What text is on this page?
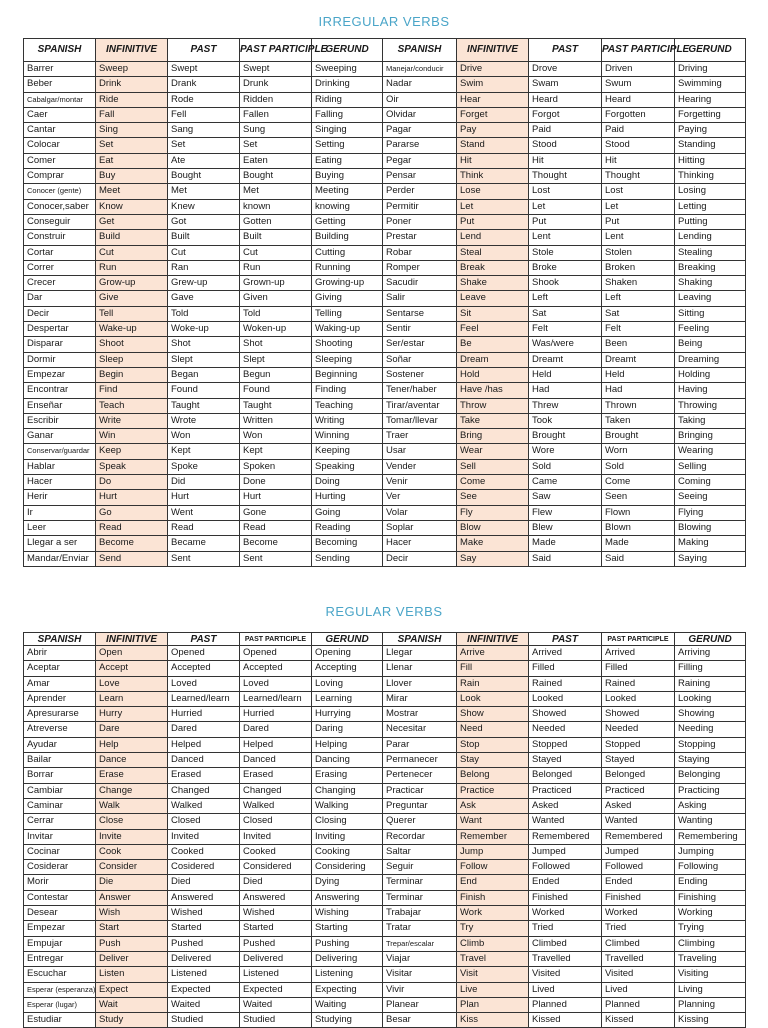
IRREGULAR VERBS
SPANISH	INFINITIVE	PAST	PAST PARTICIPLE	GERUND	SPANISH	INFINITIVE	PAST	PAST PARTICIPLE	GERUND
Barrer	Sweep	Swept	Swept	Sweeping	Manejar/conducir	Drive	Drove	Driven	Driving
Beber	Drink	Drank	Drunk	Drinking	Nadar	Swim	Swam	Swum	Swimming
Cabalgar/montar	Ride	Rode	Ridden	Riding	Oir	Hear	Heard	Heard	Hearing
Caer	Fall	Fell	Fallen	Falling	Olvidar	Forget	Forgot	Forgotten	Forgetting
Cantar	Sing	Sang	Sung	Singing	Pagar	Pay	Paid	Paid	Paying
Colocar	Set	Set	Set	Setting	Pararse	Stand	Stood	Stood	Standing
Comer	Eat	Ate	Eaten	Eating	Pegar	Hit	Hit	Hit	Hitting
Comprar	Buy	Bought	Bought	Buying	Pensar	Think	Thought	Thought	Thinking
Conocer (gente)	Meet	Met	Met	Meeting	Perder	Lose	Lost	Lost	Losing
Conocer,saber	Know	Knew	known	knowing	Permitir	Let	Let	Let	Letting
Conseguir	Get	Got	Gotten	Getting	Poner	Put	Put	Put	Putting
Construir	Build	Built	Built	Building	Prestar	Lend	Lent	Lent	Lending
Cortar	Cut	Cut	Cut	Cutting	Robar	Steal	Stole	Stolen	Stealing
Correr	Run	Ran	Run	Running	Romper	Break	Broke	Broken	Breaking
Crecer	Grow-up	Grew-up	Grown-up	Growing-up	Sacudir	Shake	Shook	Shaken	Shaking
Dar	Give	Gave	Given	Giving	Salir	Leave	Left	Left	Leaving
Decir	Tell	Told	Told	Telling	Sentarse	Sit	Sat	Sat	Sitting
Despertar	Wake-up	Woke-up	Woken-up	Waking-up	Sentir	Feel	Felt	Felt	Feeling
Disparar	Shoot	Shot	Shot	Shooting	Ser/estar	Be	Was/were	Been	Being
Dormir	Sleep	Slept	Slept	Sleeping	Soñar	Dream	Dreamt	Dreamt	Dreaming
Empezar	Begin	Began	Begun	Beginning	Sostener	Hold	Held	Held	Holding
Encontrar	Find	Found	Found	Finding	Tener/haber	Have /has	Had	Had	Having
Enseñar	Teach	Taught	Taught	Teaching	Tirar/aventar	Throw	Threw	Thrown	Throwing
Escribir	Write	Wrote	Written	Writing	Tomar/llevar	Take	Took	Taken	Taking
Ganar	Win	Won	Won	Winning	Traer	Bring	Brought	Brought	Bringing
Conservar/guardar	Keep	Kept	Kept	Keeping	Usar	Wear	Wore	Worn	Wearing
Hablar	Speak	Spoke	Spoken	Speaking	Vender	Sell	Sold	Sold	Selling
Hacer	Do	Did	Done	Doing	Venir	Come	Came	Come	Coming
Herir	Hurt	Hurt	Hurt	Hurting	Ver	See	Saw	Seen	Seeing
Ir	Go	Went	Gone	Going	Volar	Fly	Flew	Flown	Flying
Leer	Read	Read	Read	Reading	Soplar	Blow	Blew	Blown	Blowing
Llegar a ser	Become	Became	Become	Becoming	Hacer	Make	Made	Made	Making
Mandar/Enviar	Send	Sent	Sent	Sending	Decir	Say	Said	Said	Saying
REGULAR VERBS
SPANISH	INFINITIVE	PAST	PAST PARTICIPLE	GERUND	SPANISH	INFINITIVE	PAST	PAST PARTICIPLE	GERUND
Abrir	Open	Opened	Opened	Opening	Llegar	Arrive	Arrived	Arrived	Arriving
Aceptar	Accept	Accepted	Accepted	Accepting	Llenar	Fill	Filled	Filled	Filling
Amar	Love	Loved	Loved	Loving	Llover	Rain	Rained	Rained	Raining
Aprender	Learn	Learned/learn	Learned/learn	Learning	Mirar	Look	Looked	Looked	Looking
Apresurarse	Hurry	Hurried	Hurried	Hurrying	Mostrar	Show	Showed	Showed	Showing
Atreverse	Dare	Dared	Dared	Daring	Necesitar	Need	Needed	Needed	Needing
Ayudar	Help	Helped	Helped	Helping	Parar	Stop	Stopped	Stopped	Stopping
Bailar	Dance	Danced	Danced	Dancing	Permanecer	Stay	Stayed	Stayed	Staying
Borrar	Erase	Erased	Erased	Erasing	Pertenecer	Belong	Belonged	Belonged	Belonging
Cambiar	Change	Changed	Changed	Changing	Practicar	Practice	Practiced	Practiced	Practicing
Caminar	Walk	Walked	Walked	Walking	Preguntar	Ask	Asked	Asked	Asking
Cerrar	Close	Closed	Closed	Closing	Querer	Want	Wanted	Wanted	Wanting
Invitar	Invite	Invited	Invited	Inviting	Recordar	Remember	Remembered	Remembered	Remembering
Cocinar	Cook	Cooked	Cooked	Cooking	Saltar	Jump	Jumped	Jumped	Jumping
Cosiderar	Consider	Cosidered	Considered	Considering	Seguir	Follow	Followed	Followed	Following
Morir	Die	Died	Died	Dying	Terminar	End	Ended	Ended	Ending
Contestar	Answer	Answered	Answered	Answering	Terminar	Finish	Finished	Finished	Finishing
Desear	Wish	Wished	Wished	Wishing	Trabajar	Work	Worked	Worked	Working
Empezar	Start	Started	Started	Starting	Tratar	Try	Tried	Tried	Trying
Empujar	Push	Pushed	Pushed	Pushing	Trepar/escalar	Climb	Climbed	Climbed	Climbing
Entregar	Deliver	Delivered	Delivered	Delivering	Viajar	Travel	Travelled	Travelled	Traveling
Escuchar	Listen	Listened	Listened	Listening	Visitar	Visit	Visited	Visited	Visiting
Esperar (esperanza)	Expect	Expected	Expected	Expecting	Vivir	Live	Lived	Lived	Living
Esperar (lugar)	Wait	Waited	Waited	Waiting	Planear	Plan	Planned	Planned	Planning
Estudiar	Study	Studied	Studied	Studying	Besar	Kiss	Kissed	Kissed	Kissing
